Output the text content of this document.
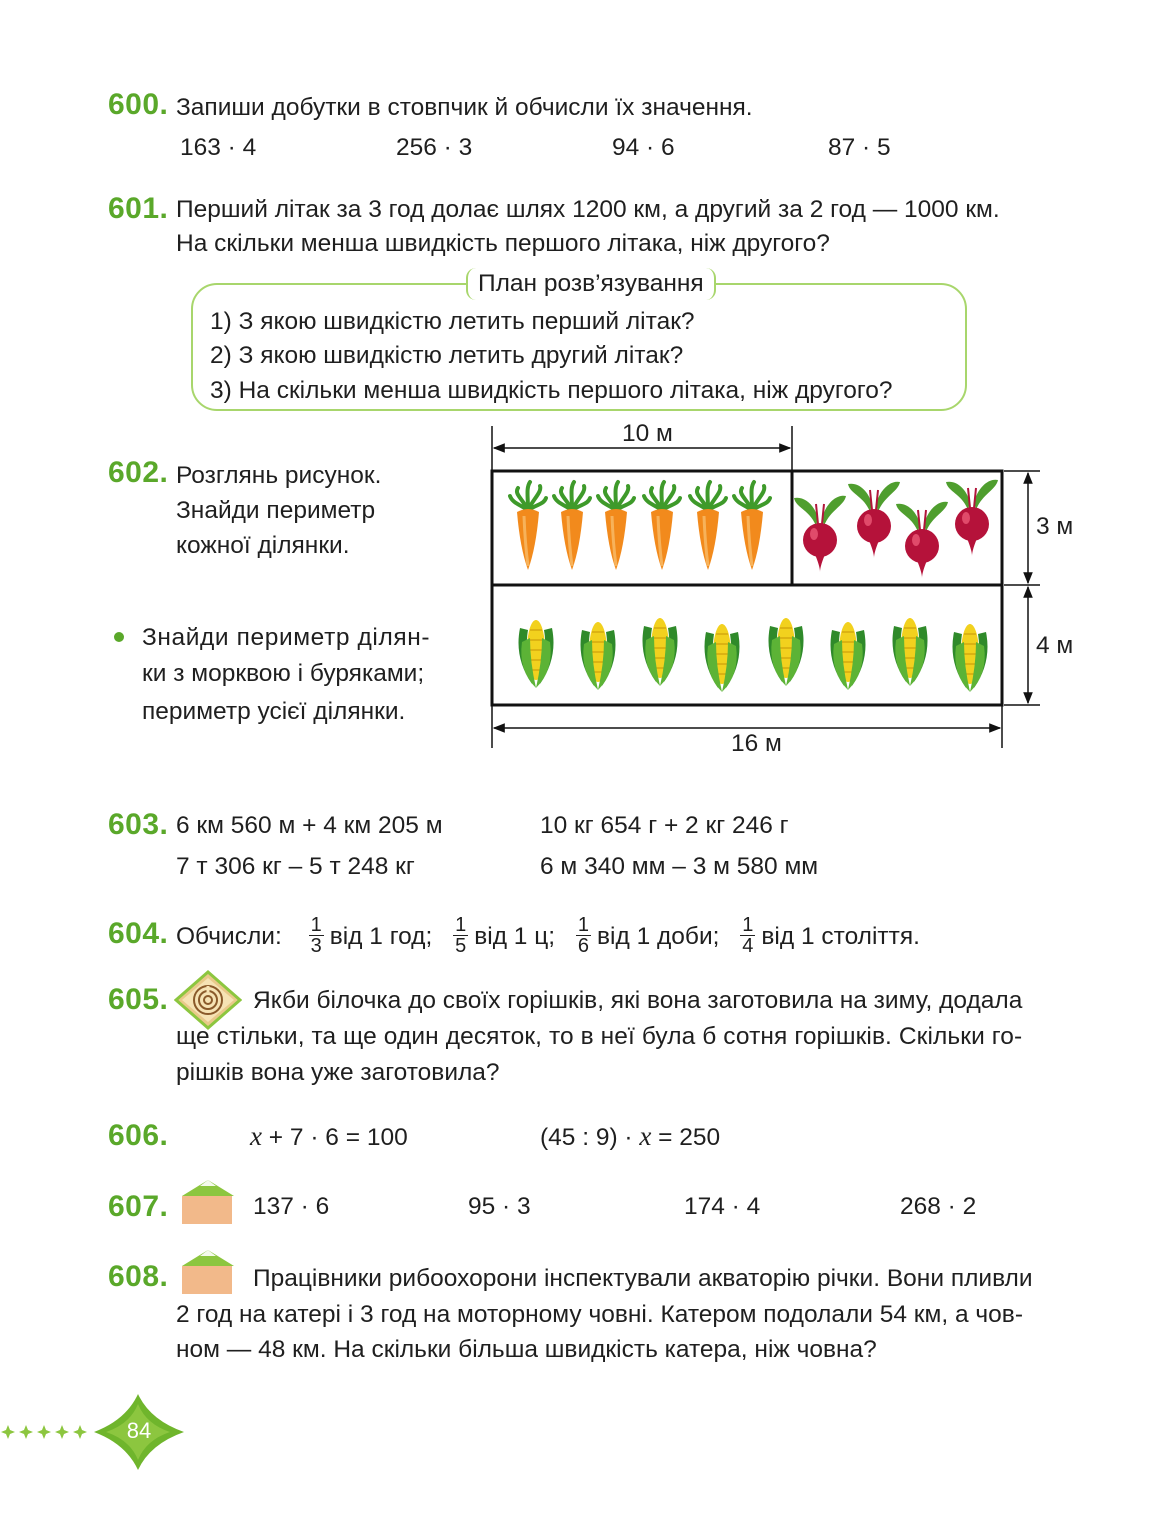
600. Запиши добутки в стовпчик й обчисли їх значення.
163 · 4	256 · 3	94 · 6	87 · 5
601. Перший літак за 3 год долає шлях 1200 км, а другий за 2 год — 1000 км.
На скільки менша швидкість першого літака, ніж другого?
План розв’язування
1) З якою швидкістю летить перший літак?
2) З якою швидкістю летить другий літак?
3) На скільки менша швидкість першого літака, ніж другого?
602. Розглянь рисунок.
Знайди периметр
кожної ділянки.
Знайди периметр ділян-
ки з морквою і буряками;
периметр усієї ділянки.
10 м
16 м
3 м
4 м
603. 6 км 560 м + 4 км 205 м	10 кг 654 г + 2 кг 246 г
7 т 306 кг – 5 т 248 кг	6 м 340 мм – 3 м 580 мм
604. Обчисли: $\frac{1}{3}$ від 1 год; $\frac{1}{5}$ від 1 ц; $\frac{1}{6}$ від 1 доби; $\frac{1}{4}$ від 1 століття.
605.	Якби білочка до своїх горішків, які вона заготовила на зиму, додала
ще стільки, та ще один десяток, то в неї була б сотня горішків. Скільки го-
рішків вона уже заготовила?
606.	x + 7 · 6 = 100	(45 : 9) · x = 250
607.	137 · 6	95 · 3	174 · 4	268 · 2
608.	Працівники рибоохорони інспектували акваторію річки. Вони пливли
2 год на катері і 3 год на моторному човні. Катером подолали 54 км, а чов-
ном — 48 км. На скільки більша швидкість катера, ніж човна?
84
